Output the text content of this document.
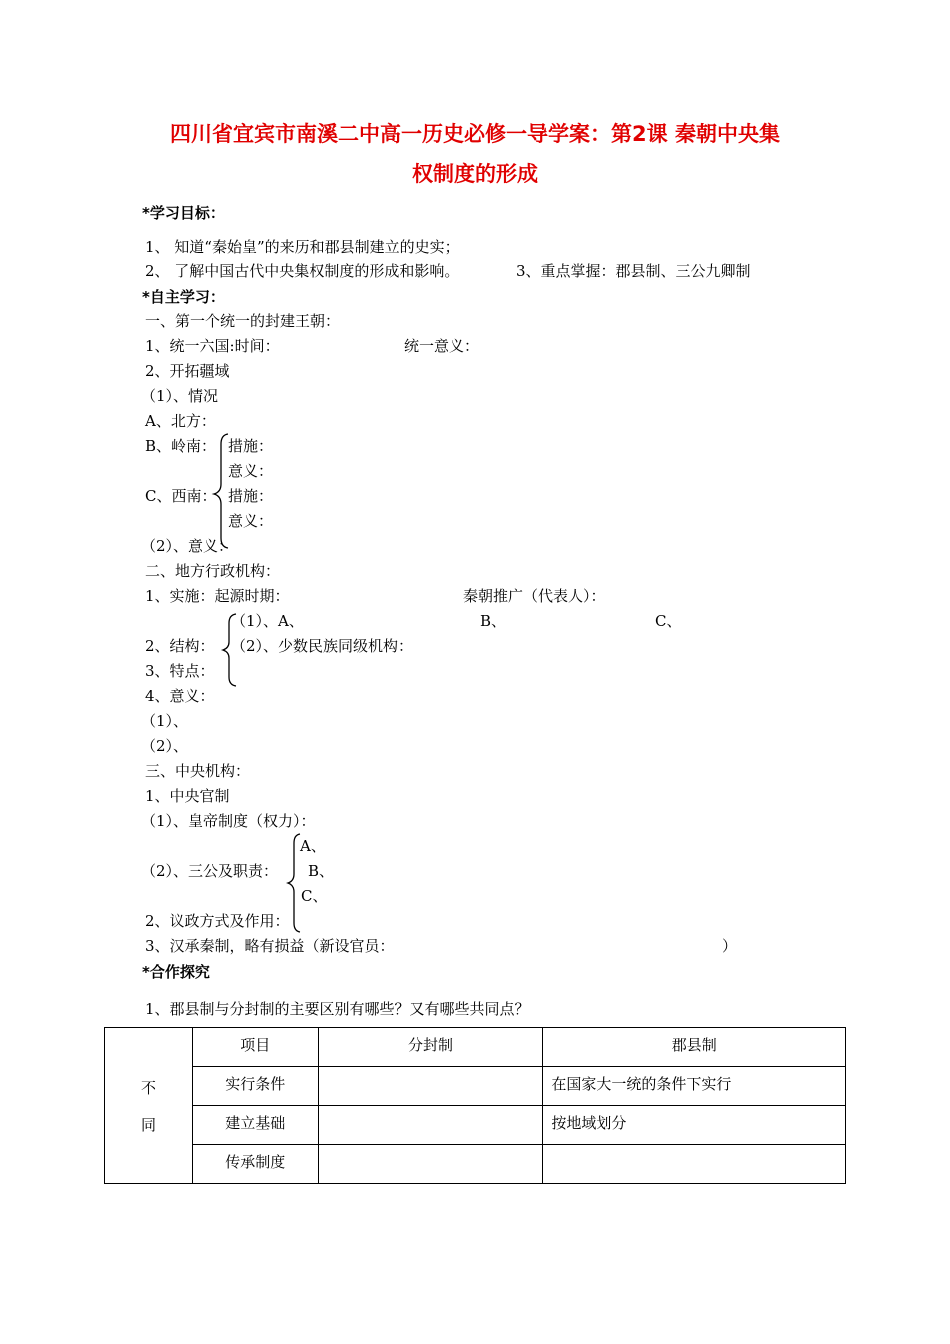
四川省宜宾市南溪二中高一历史必修一导学案：第2课 秦朝中央集
权制度的形成
*学习目标：
1、 知道“秦始皇”的来历和郡县制建立的史实；
2、 了解中国古代中央集权制度的形成和影响。	3、重点掌握：郡县制、三公九卿制
*自主学习：
一、第一个统一的封建王朝：
1、统一六国:时间：	统一意义：
2、开拓疆域
（1）、情况
A、北方：
B、岭南： 措施：
意义：
C、西南： 措施：
意义：
（2）、意义：
二、地方行政机构：
1、实施：起源时期：	秦朝推广（代表人）：
（1）、A、	B、	C、
2、结构： （2）、少数民族同级机构：
3、特点：
4、意义：
（1）、
（2）、
三、中央机构：
1、中央官制
（1）、皇帝制度（权力）：
A、
（2）、三公及职责： B、
C、
2、议政方式及作用：
3、汉承秦制，略有损益（新设官员：	）
*合作探究
1、郡县制与分封制的主要区别有哪些？又有哪些共同点？
不
同	项目	分封制	郡县制

	实行条件		在国家大一统的条件下实行

	建立基础		按地域划分

	传承制度		
